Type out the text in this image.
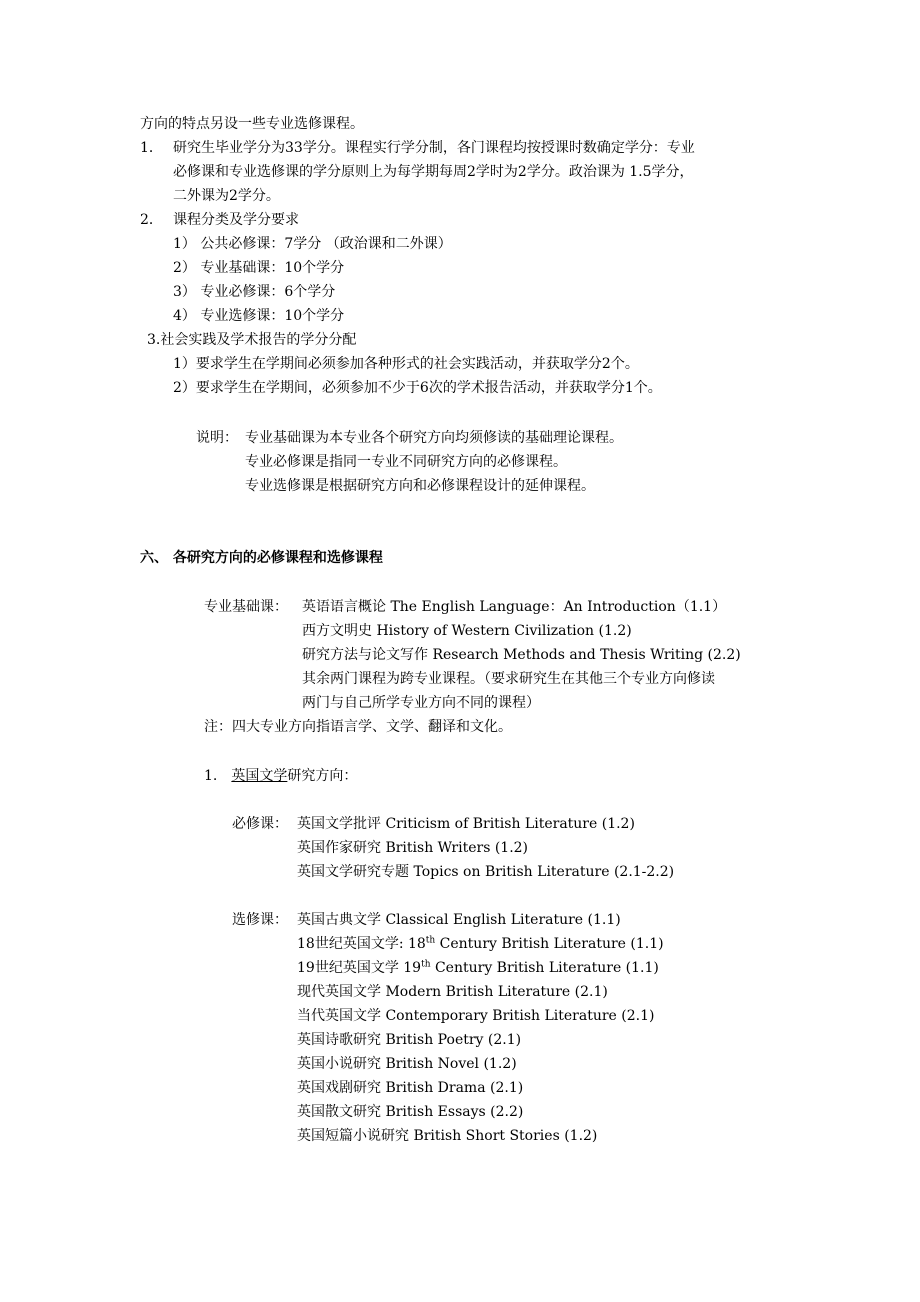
方向的特点另设一些专业选修课程。
1． 研究生毕业学分为33学分。课程实行学分制，各门课程均按授课时数确定学分：专业
必修课和专业选修课的学分原则上为每学期每周2学时为2学分。政治课为 1.5学分，
二外课为2学分。
2． 课程分类及学分要求
1） 公共必修课：7学分 （政治课和二外课）
2） 专业基础课：10个学分
3） 专业必修课：6个学分
4） 专业选修课：10个学分
3.社会实践及学术报告的学分分配
1）要求学生在学期间必须参加各种形式的社会实践活动，并获取学分2个。
2）要求学生在学期间，必须参加不少于6次的学术报告活动，并获取学分1个。
说明： 专业基础课为本专业各个研究方向均须修读的基础理论课程。
专业必修课是指同一专业不同研究方向的必修课程。
专业选修课是根据研究方向和必修课程设计的延伸课程。
六、 各研究方向的必修课程和选修课程
专业基础课： 英语语言概论 The English Language：An Introduction（1.1）
西方文明史 History of Western Civilization (1.2)
研究方法与论文写作 Research Methods and Thesis Writing (2.2)
其余两门课程为跨专业课程。（要求研究生在其他三个专业方向修读
两门与自己所学专业方向不同的课程）
注：四大专业方向指语言学、文学、翻译和文化。
1. 英国文学研究方向：
必修课： 英国文学批评 Criticism of British Literature (1.2)
英国作家研究 British Writers (1.2)
英国文学研究专题 Topics on British Literature (2.1-2.2)
选修课： 英国古典文学 Classical English Literature (1.1)
18世纪英国文学: 18th Century British Literature (1.1)
19世纪英国文学 19th Century British Literature (1.1)
现代英国文学 Modern British Literature (2.1)
当代英国文学 Contemporary British Literature (2.1)
英国诗歌研究 British Poetry (2.1)
英国小说研究 British Novel (1.2)
英国戏剧研究 British Drama (2.1)
英国散文研究 British Essays (2.2)
英国短篇小说研究 British Short Stories (1.2)
